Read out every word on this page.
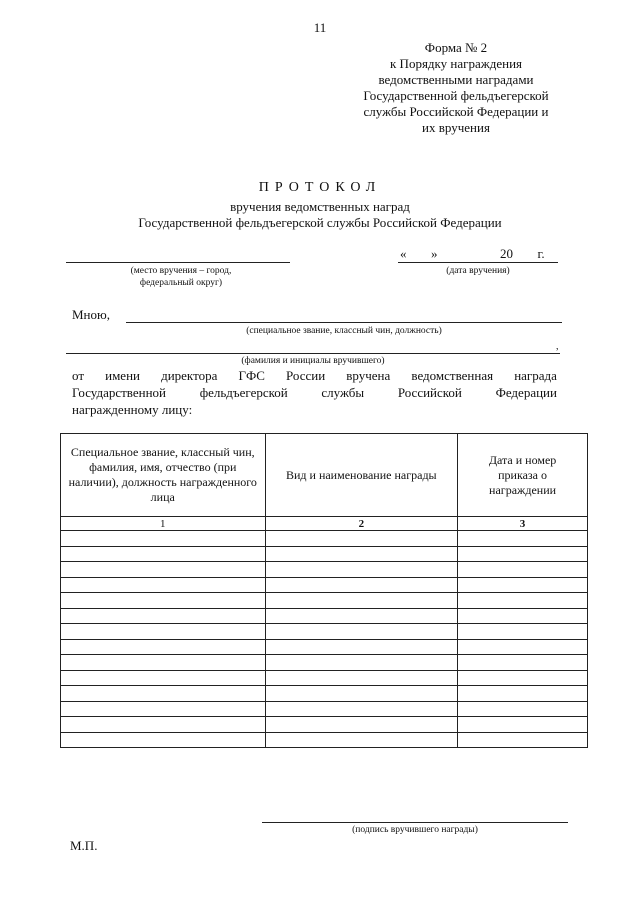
11
Форма № 2
к Порядку награждения
ведомственными наградами
Государственной фельдъегерской
службы Российской Федерации и
их вручения
ПРОТОКОЛ
вручения ведомственных наград
Государственной фельдъегерской службы Российской Федерации
(место вручения – город,
федеральный округ)
« »	20 г.
(дата вручения)
Мною,
(специальное звание, классный чин, должность)
,
(фамилия и инициалы вручившего)
от имени директора ГФС России вручена ведомственная награда
Государственной	фельдъегерской	службы	Российской	Федерации
награжденному лицу:
Специальное звание, классный чин, фамилия, имя, отчество (при наличии), должность награжденного лица	Вид и наименование награды	Дата и номер приказа о награждении

1	2	3

(подпись вручившего награды)
М.П.
